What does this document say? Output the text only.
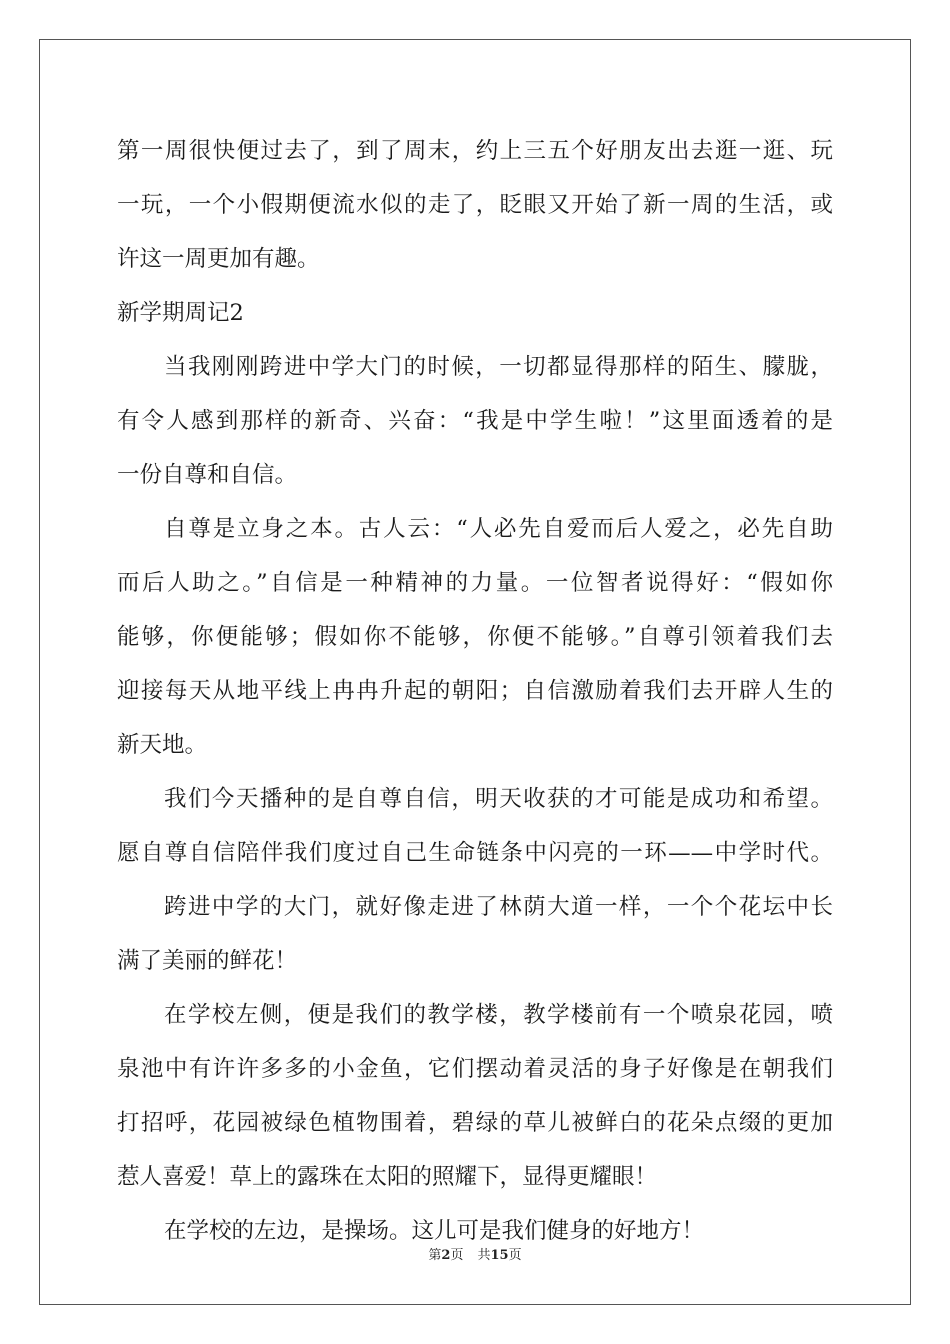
第一周很快便过去了，到了周末，约上三五个好朋友出去逛一逛、玩
一玩，一个小假期便流水似的走了，眨眼又开始了新一周的生活，或
许这一周更加有趣。
新学期周记2
当我刚刚跨进中学大门的时候，一切都显得那样的陌生、朦胧，
有令人感到那样的新奇、兴奋：“我是中学生啦！”这里面透着的是
一份自尊和自信。
自尊是立身之本。古人云：“人必先自爱而后人爱之，必先自助
而后人助之。”自信是一种精神的力量。一位智者说得好：“假如你
能够，你便能够；假如你不能够，你便不能够。”自尊引领着我们去
迎接每天从地平线上冉冉升起的朝阳；自信激励着我们去开辟人生的
新天地。
我们今天播种的是自尊自信，明天收获的才可能是成功和希望。
愿自尊自信陪伴我们度过自己生命链条中闪亮的一环——中学时代。
跨进中学的大门，就好像走进了林荫大道一样，一个个花坛中长
满了美丽的鲜花！
在学校左侧，便是我们的教学楼，教学楼前有一个喷泉花园，喷
泉池中有许许多多的小金鱼，它们摆动着灵活的身子好像是在朝我们
打招呼，花园被绿色植物围着，碧绿的草儿被鲜白的花朵点缀的更加
惹人喜爱！草上的露珠在太阳的照耀下，显得更耀眼！
在学校的左边，是操场。这儿可是我们健身的好地方！
第2页 共15页
